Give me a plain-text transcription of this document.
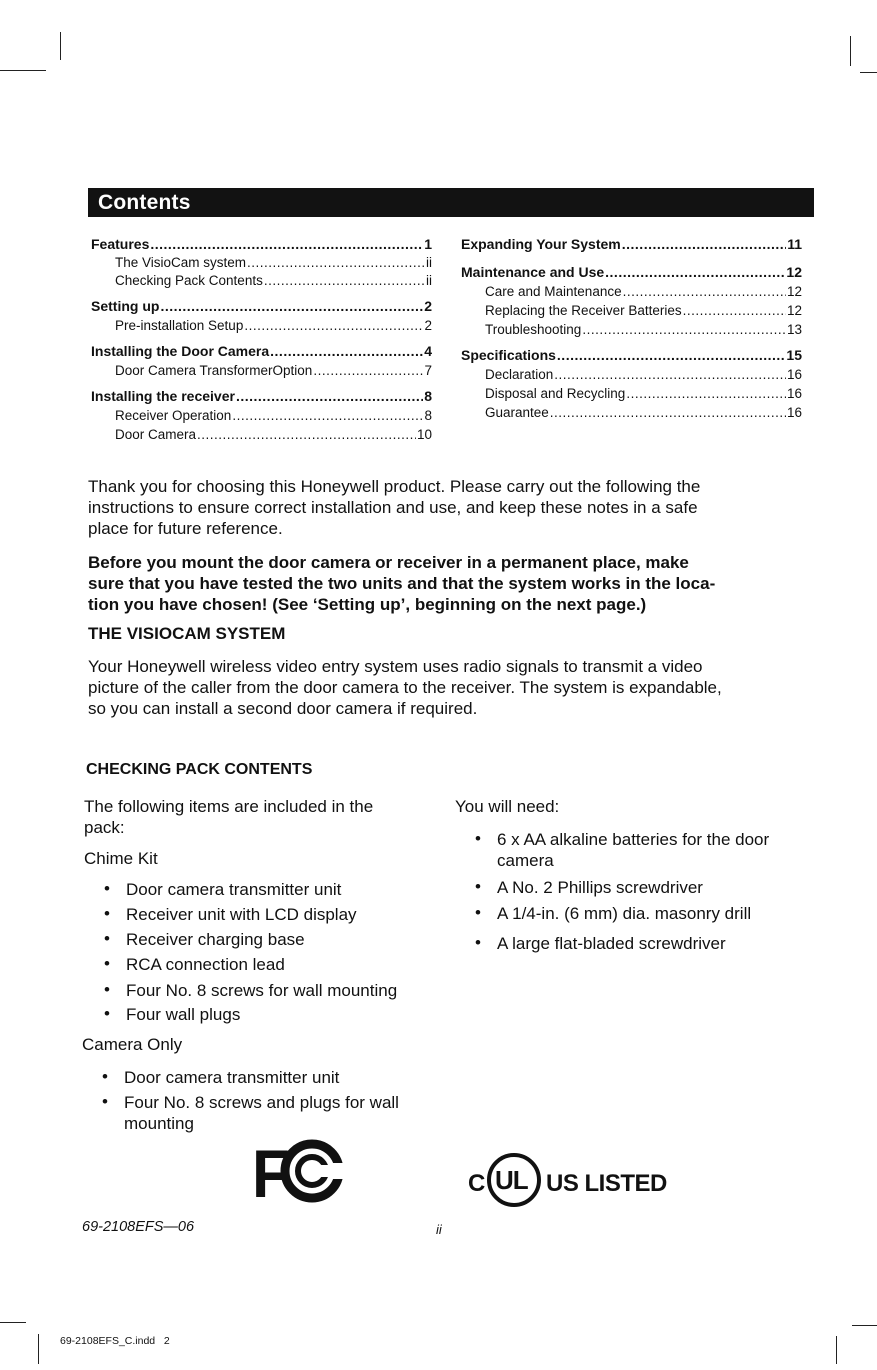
Contents
Features .....	1
The VisioCam system .....	ii
Checking Pack Contents .....	ii
Setting up .....	2
Pre-installation Setup .....	2
Installing the Door Camera .....	4
Door Camera TransformerOption .....	7
Installing the receiver .....	8
Receiver Operation .....	8
Door Camera .....	10
Expanding Your System .....	11
Maintenance and Use .....	12
Care and Maintenance .....	12
Replacing the Receiver Batteries .....	12
Troubleshooting .....	13
Specifications .....	15
Declaration .....	16
Disposal and Recycling .....	16
Guarantee .....	16
Thank you for choosing this Honeywell product. Please carry out the following the
instructions to ensure correct installation and use, and keep these notes in a safe
place for future reference.
Before you mount the door camera or receiver in a permanent place, make
sure that you have tested the two units and that the system works in the loca-
tion you have chosen! (See ‘Setting up’, beginning on the next page.)
THE VISIOCAM SYSTEM
Your Honeywell wireless video entry system uses radio signals to transmit a video
picture of the caller from the door camera to the receiver. The system is expandable,
so you can install a second door camera if required.
CHECKING PACK CONTENTS
The following items are included in the
pack:
Chime Kit
• Door camera transmitter unit
• Receiver unit with LCD display
• Receiver charging base
• RCA connection lead
• Four No. 8 screws for wall mounting
• Four wall plugs
Camera Only
• Door camera transmitter unit
• Four No. 8 screws and plugs for wall
mounting
You will need:
• 6 x AA alkaline batteries for the door
camera
• A No. 2 Phillips screwdriver
• A 1/4-in. (6 mm) dia. masonry drill
• A large flat-bladed screwdriver
F	C UL US LISTED
69-2108EFS—06	ii
69-2108EFS_C.indd   2
